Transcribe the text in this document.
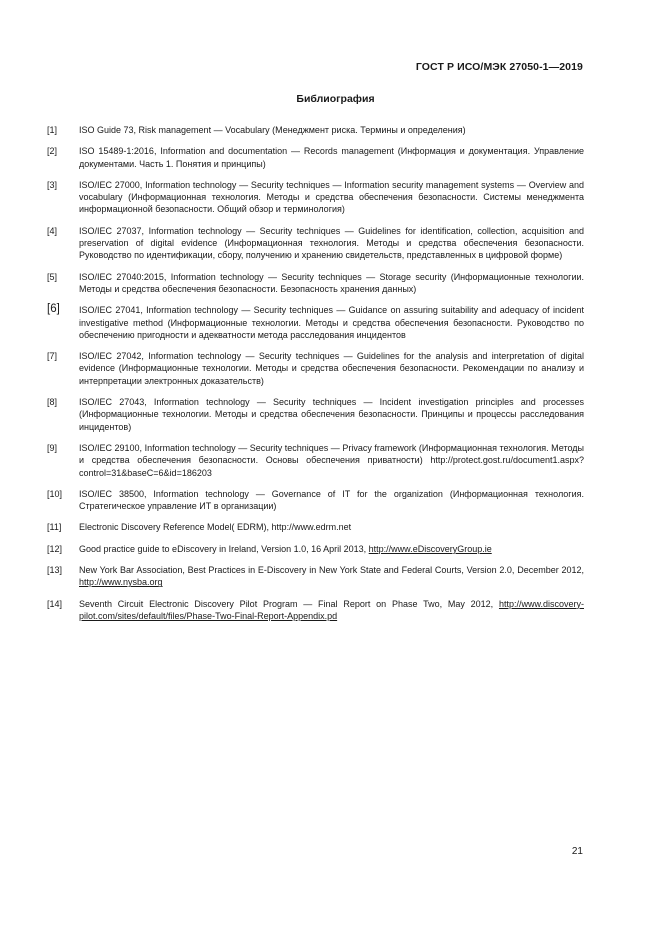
ГОСТ Р ИСО/МЭК 27050-1—2019
Библиография
[1] ISO Guide 73, Risk management — Vocabulary (Менеджмент риска. Термины и определения)
[2] ISO 15489-1:2016, Information and documentation — Records management (Информация и документация. Управление документами. Часть 1. Понятия и принципы)
[3] ISO/IEC 27000, Information technology — Security techniques — Information security management systems — Overview and vocabulary (Информационная технология. Методы и средства обеспечения безопасности. Системы менеджмента информационной безопасности. Общий обзор и терминология)
[4] ISO/IEC 27037, Information technology — Security techniques — Guidelines for identification, collection, acquisition and preservation of digital evidence (Информационная технология. Методы и средства обеспечения безопасности. Руководство по идентификации, сбору, получению и хранению свидетельств, представленных в цифровой форме)
[5] ISO/IEC 27040:2015, Information technology — Security techniques — Storage security (Информационные технологии. Методы и средства обеспечения безопасности. Безопасность хранения данных)
[6] ISO/IEC 27041, Information technology — Security techniques — Guidance on assuring suitability and adequacy of incident investigative method (Информационные технологии. Методы и средства обеспечения безопасности. Руководство по обеспечению пригодности и адекватности метода расследования инцидентов
[7] ISO/IEC 27042, Information technology — Security techniques — Guidelines for the analysis and interpretation of digital evidence (Информационные технологии. Методы и средства обеспечения безопасности. Рекомендации по анализу и интерпретации электронных доказательств)
[8] ISO/IEC 27043, Information technology — Security techniques — Incident investigation principles and processes (Информационные технологии. Методы и средства обеспечения безопасности. Принципы и процессы расследования инцидентов)
[9] ISO/IEC 29100, Information technology — Security techniques — Privacy framework (Информационная технология. Методы и средства обеспечения безопасности. Основы обеспечения приватности) http://protect.gost.ru/document1.aspx?control=31&baseC=6&id=186203
[10] ISO/IEC 38500, Information technology — Governance of IT for the organization (Информационная технология. Стратегическое управление ИТ в организации)
[11] Electronic Discovery Reference Model( EDRM), http://www.edrm.net
[12] Good practice guide to eDiscovery in Ireland, Version 1.0, 16 April 2013, http://www.eDiscoveryGroup.ie
[13] New York Bar Association, Best Practices in E-Discovery in New York State and Federal Courts, Version 2.0, December 2012, http://www.nysba.org
[14] Seventh Circuit Electronic Discovery Pilot Program — Final Report on Phase Two, May 2012, http://www.discovery-pilot.com/sites/default/files/Phase-Two-Final-Report-Appendix.pd
21
